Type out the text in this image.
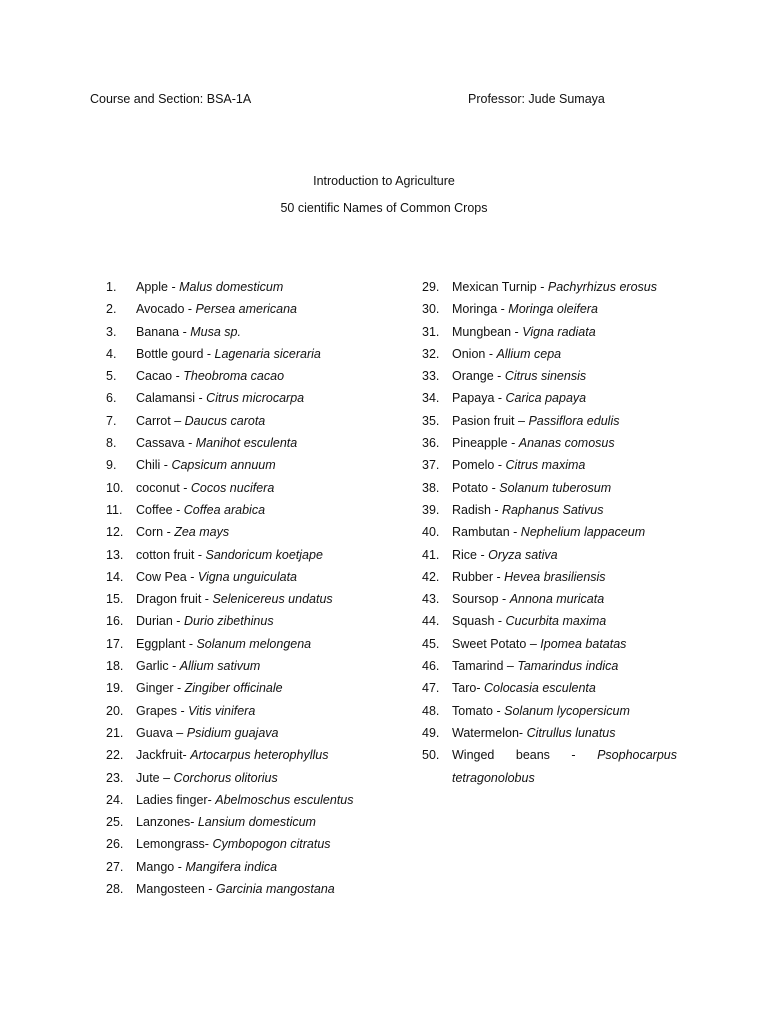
Course and Section: BSA-1A	Professor: Jude Sumaya
Introduction to Agriculture
50 cientific Names of Common Crops
1.	Apple -
Malus domesticum
2.	Avocado -
Persea americana
3.	Banana -
Musa sp.
4.	Bottle gourd -
Lagenaria siceraria
5.	Cacao -
Theobroma cacao
6.	Calamansi -
Citrus microcarpa
7.	Carrot –
Daucus carota
8.	Cassava -
Manihot esculenta
9.	Chili -
Capsicum annuum
10.	coconut -
Cocos nucifera
11.	Coffee -
Coffea arabica
12.	Corn -
Zea mays
13.	cotton fruit -
Sandoricum koetjape
14.	Cow Pea -
Vigna unguiculata
15.	Dragon fruit -
Selenicereus undatus
16.	Durian -
Durio zibethinus
17.	Eggplant -
Solanum melongena
18.	Garlic -
Allium sativum
19.	Ginger -
Zingiber officinale
20.	Grapes -
Vitis vinifera
21.	Guava –
Psidium guajava
22.	Jackfruit-
Artocarpus heterophyllus
23.	Jute –
Corchorus olitorius
24.	Ladies finger-
Abelmoschus esculentus
25.	Lanzones-
Lansium domesticum
26.	Lemongrass-
Cymbopogon citratus
27.	Mango -
Mangifera indica
28.	Mangosteen -
Garcinia mangostana
29.	Mexican Turnip -
Pachyrhizus erosus
30.	Moringa -
Moringa oleifera
31.	Mungbean -
Vigna radiata
32.	Onion -
Allium cepa
33.	Orange -
Citrus sinensis
34.	Papaya -
Carica papaya
35.	Pasion fruit –
Passiflora edulis
36.	Pineapple -
Ananas comosus
37.	Pomelo -
Citrus maxima
38.	Potato -
Solanum tuberosum
39.	Radish -
Raphanus Sativus
40.	Rambutan -
Nephelium lappaceum
41.	Rice -
Oryza sativa
42.	Rubber -
Hevea brasiliensis
43.	Soursop -
Annona muricata
44.	Squash -
Cucurbita maxima
45.	Sweet Potato –
Ipomea batatas
46.	Tamarind –
Tamarindus indica
47.	Taro-
Colocasia esculenta
48.	Tomato -
Solanum lycopersicum
49.	Watermelon-
Citrullus lunatus
50.	Winged beans - Psophocarpus
tetragonolobus
